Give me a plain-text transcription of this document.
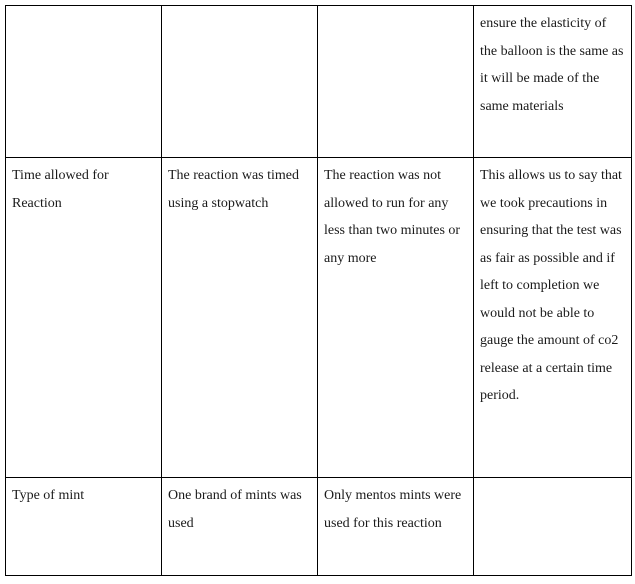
			ensure the elasticity of the balloon is the same as it will be made of the same materials

Time allowed for Reaction	The reaction was timed using a stopwatch	The reaction was not allowed to run for any less than two minutes or any more	This allows us to say that we took precautions in ensuring that the test was as fair as possible and if left to completion we would not be able to gauge the amount of co2 release at a certain time period.

Type of mint	One brand of mints was used	Only mentos mints were used for this reaction	
